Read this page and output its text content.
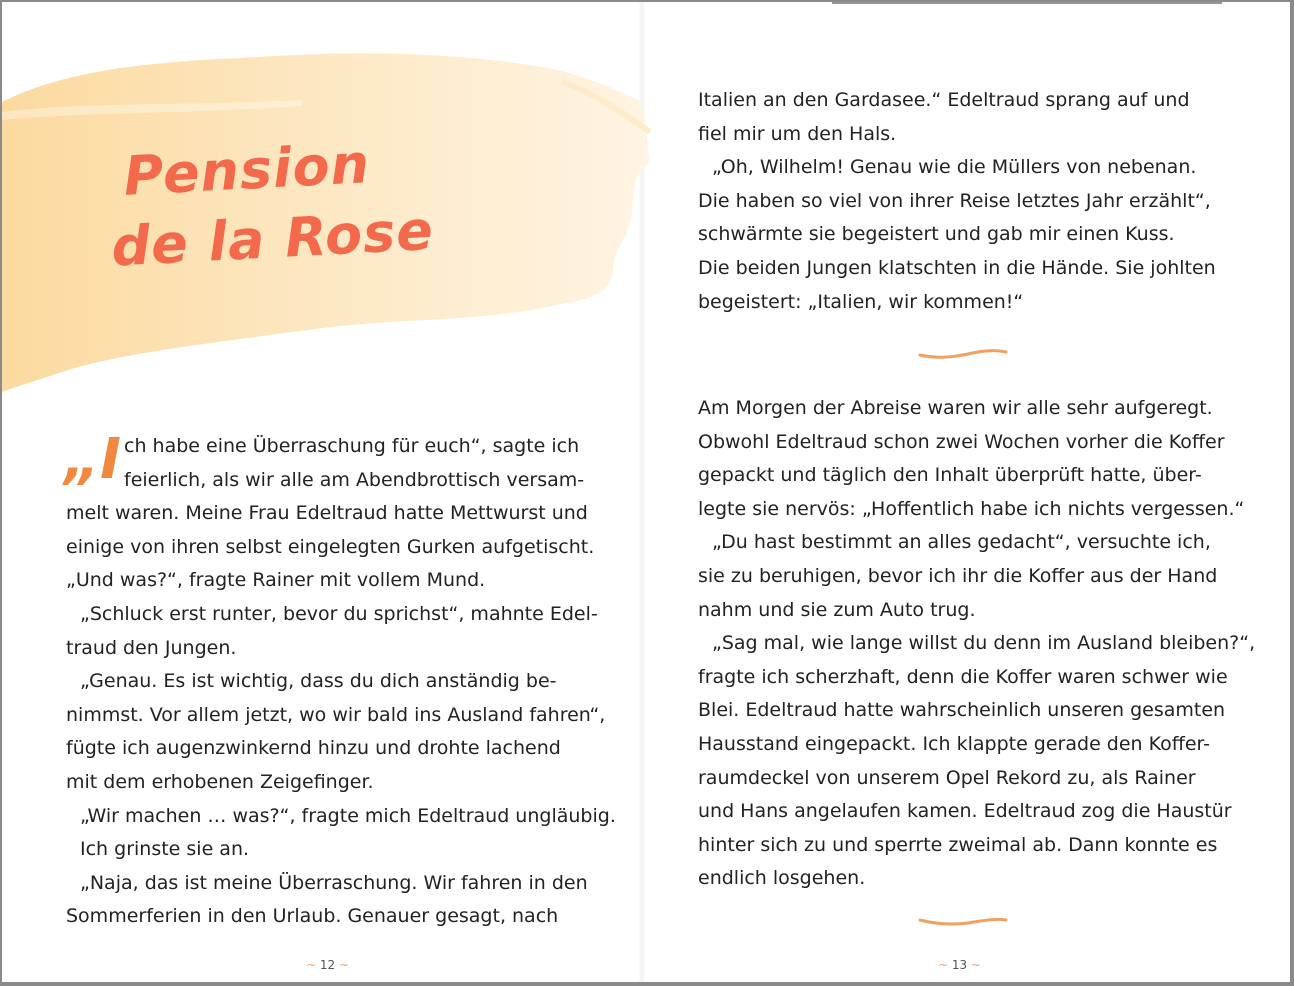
Pension
de la Rose
„I ch habe eine Überraschung für euch“, sagte ich
feierlich, als wir alle am Abendbrottisch versam-
melt waren. Meine Frau Edeltraud hatte Mettwurst und
einige von ihren selbst eingelegten Gurken aufgetischt.
„Und was?“, fragte Rainer mit vollem Mund.
„Schluck erst runter, bevor du sprichst“, mahnte Edel-
traud den Jungen.
„Genau. Es ist wichtig, dass du dich anständig be-
nimmst. Vor allem jetzt, wo wir bald ins Ausland fahren“,
fügte ich augenzwinkernd hinzu und drohte lachend
mit dem erhobenen Zeigefinger.
„Wir machen … was?“, fragte mich Edeltraud ungläubig.
Ich grinste sie an.
„Naja, das ist meine Überraschung. Wir fahren in den
Sommerferien in den Urlaub. Genauer gesagt, nach
~ 12 ~
Italien an den Gardasee.“ Edeltraud sprang auf und
fiel mir um den Hals.
„Oh, Wilhelm! Genau wie die Müllers von nebenan.
Die haben so viel von ihrer Reise letztes Jahr erzählt“,
schwärmte sie begeistert und gab mir einen Kuss.
Die beiden Jungen klatschten in die Hände. Sie johlten
begeistert: „Italien, wir kommen!“
Am Morgen der Abreise waren wir alle sehr aufgeregt.
Obwohl Edeltraud schon zwei Wochen vorher die Koffer
gepackt und täglich den Inhalt überprüft hatte, über-
legte sie nervös: „Hoffentlich habe ich nichts vergessen.“
„Du hast bestimmt an alles gedacht“, versuchte ich,
sie zu beruhigen, bevor ich ihr die Koffer aus der Hand
nahm und sie zum Auto trug.
„Sag mal, wie lange willst du denn im Ausland bleiben?“,
fragte ich scherzhaft, denn die Koffer waren schwer wie
Blei. Edeltraud hatte wahrscheinlich unseren gesamten
Hausstand eingepackt. Ich klappte gerade den Koffer-
raumdeckel von unserem Opel Rekord zu, als Rainer
und Hans angelaufen kamen. Edeltraud zog die Haustür
hinter sich zu und sperrte zweimal ab. Dann konnte es
endlich losgehen.
~ 13 ~
